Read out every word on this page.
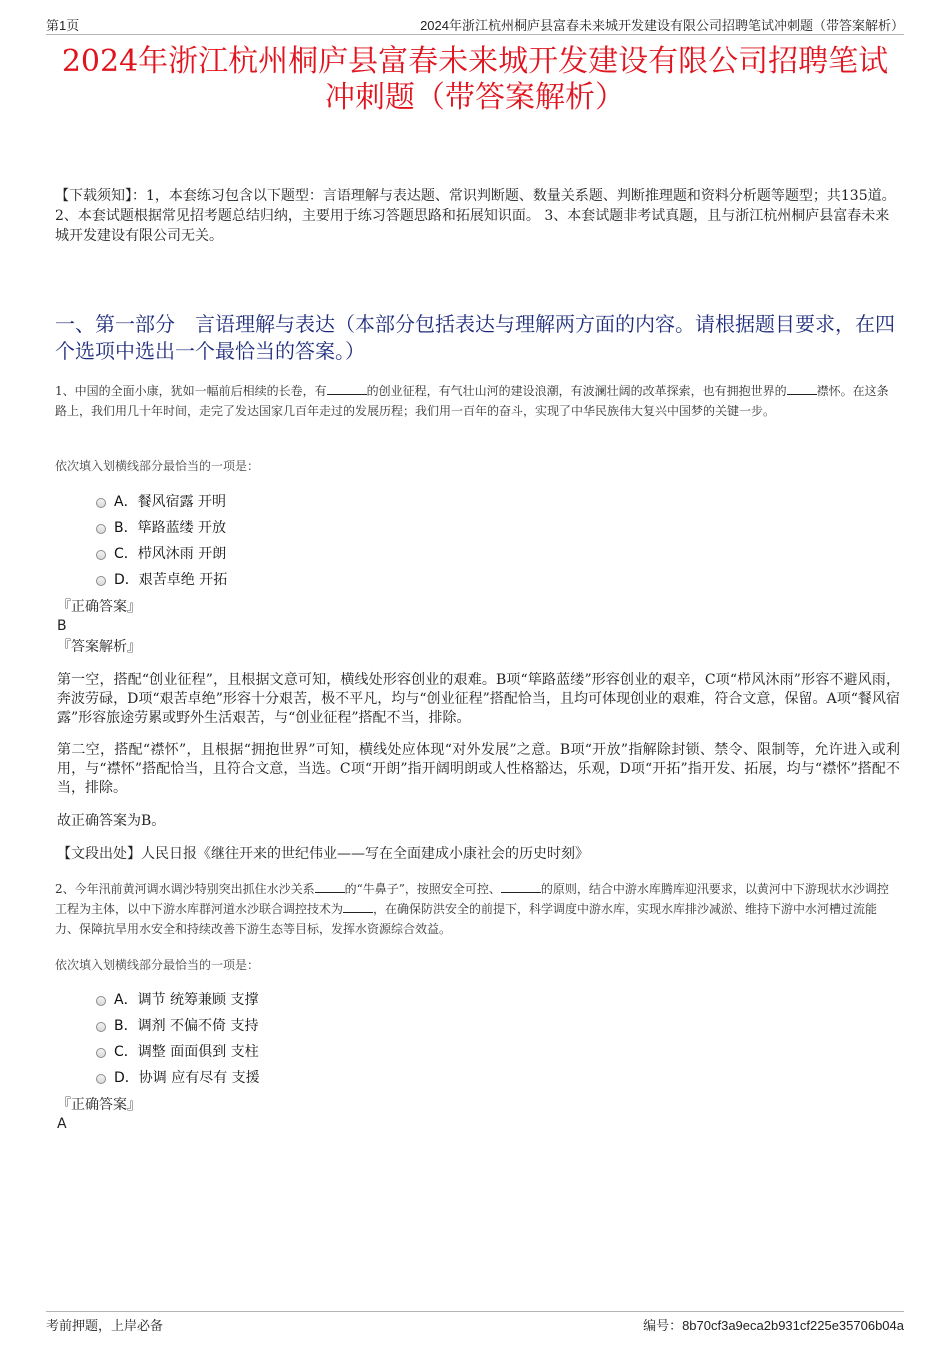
第1页	2024年浙江杭州桐庐县富春未来城开发建设有限公司招聘笔试冲刺题（带答案解析）
2024年浙江杭州桐庐县富春未来城开发建设有限公司招聘笔试
冲刺题（带答案解析）
【下载须知】：1，本套练习包含以下题型：言语理解与表达题、常识判断题、数量关系题、判断推理题和资料分析题等题型；共135道。 2、本套试题根据常见招考题总结归纳，主要用于练习答题思路和拓展知识面。 3、本套试题非考试真题，且与浙江杭州桐庐县富春未来城开发建设有限公司无关。
一、第一部分　言语理解与表达（本部分包括表达与理解两方面的内容。请根据题目要求，在四个选项中选出一个最恰当的答案。）
1、中国的全面小康，犹如一幅前后相续的长卷，有	的创业征程，有气壮山河的建设浪潮，有波澜壮阔的改革探索，也有拥抱世界的	襟怀。在这条路上，我们用几十年时间，走完了发达国家几百年走过的发展历程；我们用一百年的奋斗，实现了中华民族伟大复兴中国梦的关键一步。
依次填入划横线部分最恰当的一项是：
A．餐风宿露 开明
B．筚路蓝缕 开放
C．栉风沐雨 开朗
D．艰苦卓绝 开拓
『正确答案』
B
『答案解析』
第一空，搭配“创业征程”，且根据文意可知，横线处形容创业的艰难。B项“筚路蓝缕”形容创业的艰辛，C项“栉风沐雨”形容不避风雨，奔波劳碌，D项“艰苦卓绝”形容十分艰苦，极不平凡，均与“创业征程”搭配恰当，且均可体现创业的艰难，符合文意，保留。A项“餐风宿露”形容旅途劳累或野外生活艰苦，与“创业征程”搭配不当，排除。
第二空，搭配“襟怀”，且根据“拥抱世界”可知，横线处应体现“对外发展”之意。B项“开放”指解除封锁、禁令、限制等，允许进入或利用，与“襟怀”搭配恰当，且符合文意，当选。C项“开朗”指开阔明朗或人性格豁达，乐观，D项“开拓”指开发、拓展，均与“襟怀”搭配不当，排除。
故正确答案为B。
【文段出处】人民日报《继往开来的世纪伟业——写在全面建成小康社会的历史时刻》
2、今年汛前黄河调水调沙特别突出抓住水沙关系	的“牛鼻子”，按照安全可控、	的原则，结合中游水库腾库迎汛要求，以黄河中下游现状水沙调控工程为主体，以中下游水库群河道水沙联合调控技术为	，在确保防洪安全的前提下，科学调度中游水库，实现水库排沙减淤、维持下游中水河槽过流能力、保障抗旱用水安全和持续改善下游生态等目标，发挥水资源综合效益。
依次填入划横线部分最恰当的一项是：
A．调节 统筹兼顾 支撑
B．调剂 不偏不倚 支持
C．调整 面面俱到 支柱
D．协调 应有尽有 支援
『正确答案』
A
考前押题，上岸必备	编号：8b70cf3a9eca2b931cf225e35706b04a
